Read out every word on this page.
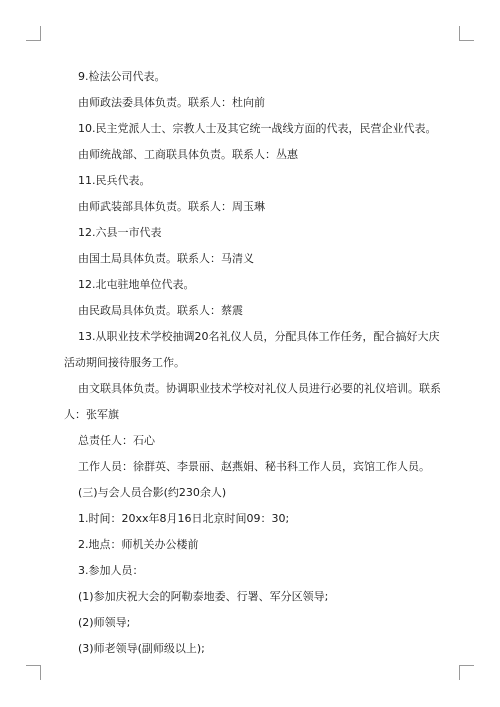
9.检法公司代表。

由师政法委具体负责。联系人：杜向前

10.民主党派人士、宗教人士及其它统一战线方面的代表，民营企业代表。

由师统战部、工商联具体负责。联系人：丛惠

11.民兵代表。

由师武装部具体负责。联系人：周玉琳

12.六县一市代表

由国土局具体负责。联系人：马清义

12.北屯驻地单位代表。

由民政局具体负责。联系人：蔡震

13.从职业技术学校抽调20名礼仪人员，分配具体工作任务，配合搞好大庆活动期间接待服务工作。

由文联具体负责。协调职业技术学校对礼仪人员进行必要的礼仪培训。联系人：张军旗

总责任人：石心

工作人员：徐群英、李景丽、赵燕娟、秘书科工作人员，宾馆工作人员。

(三)与会人员合影(约230余人)

1.时间：20xx年8月16日北京时间09：30;

2.地点：师机关办公楼前

3.参加人员：

(1)参加庆祝大会的阿勒泰地委、行署、军分区领导;

(2)师领导;

(3)师老领导(副师级以上);
